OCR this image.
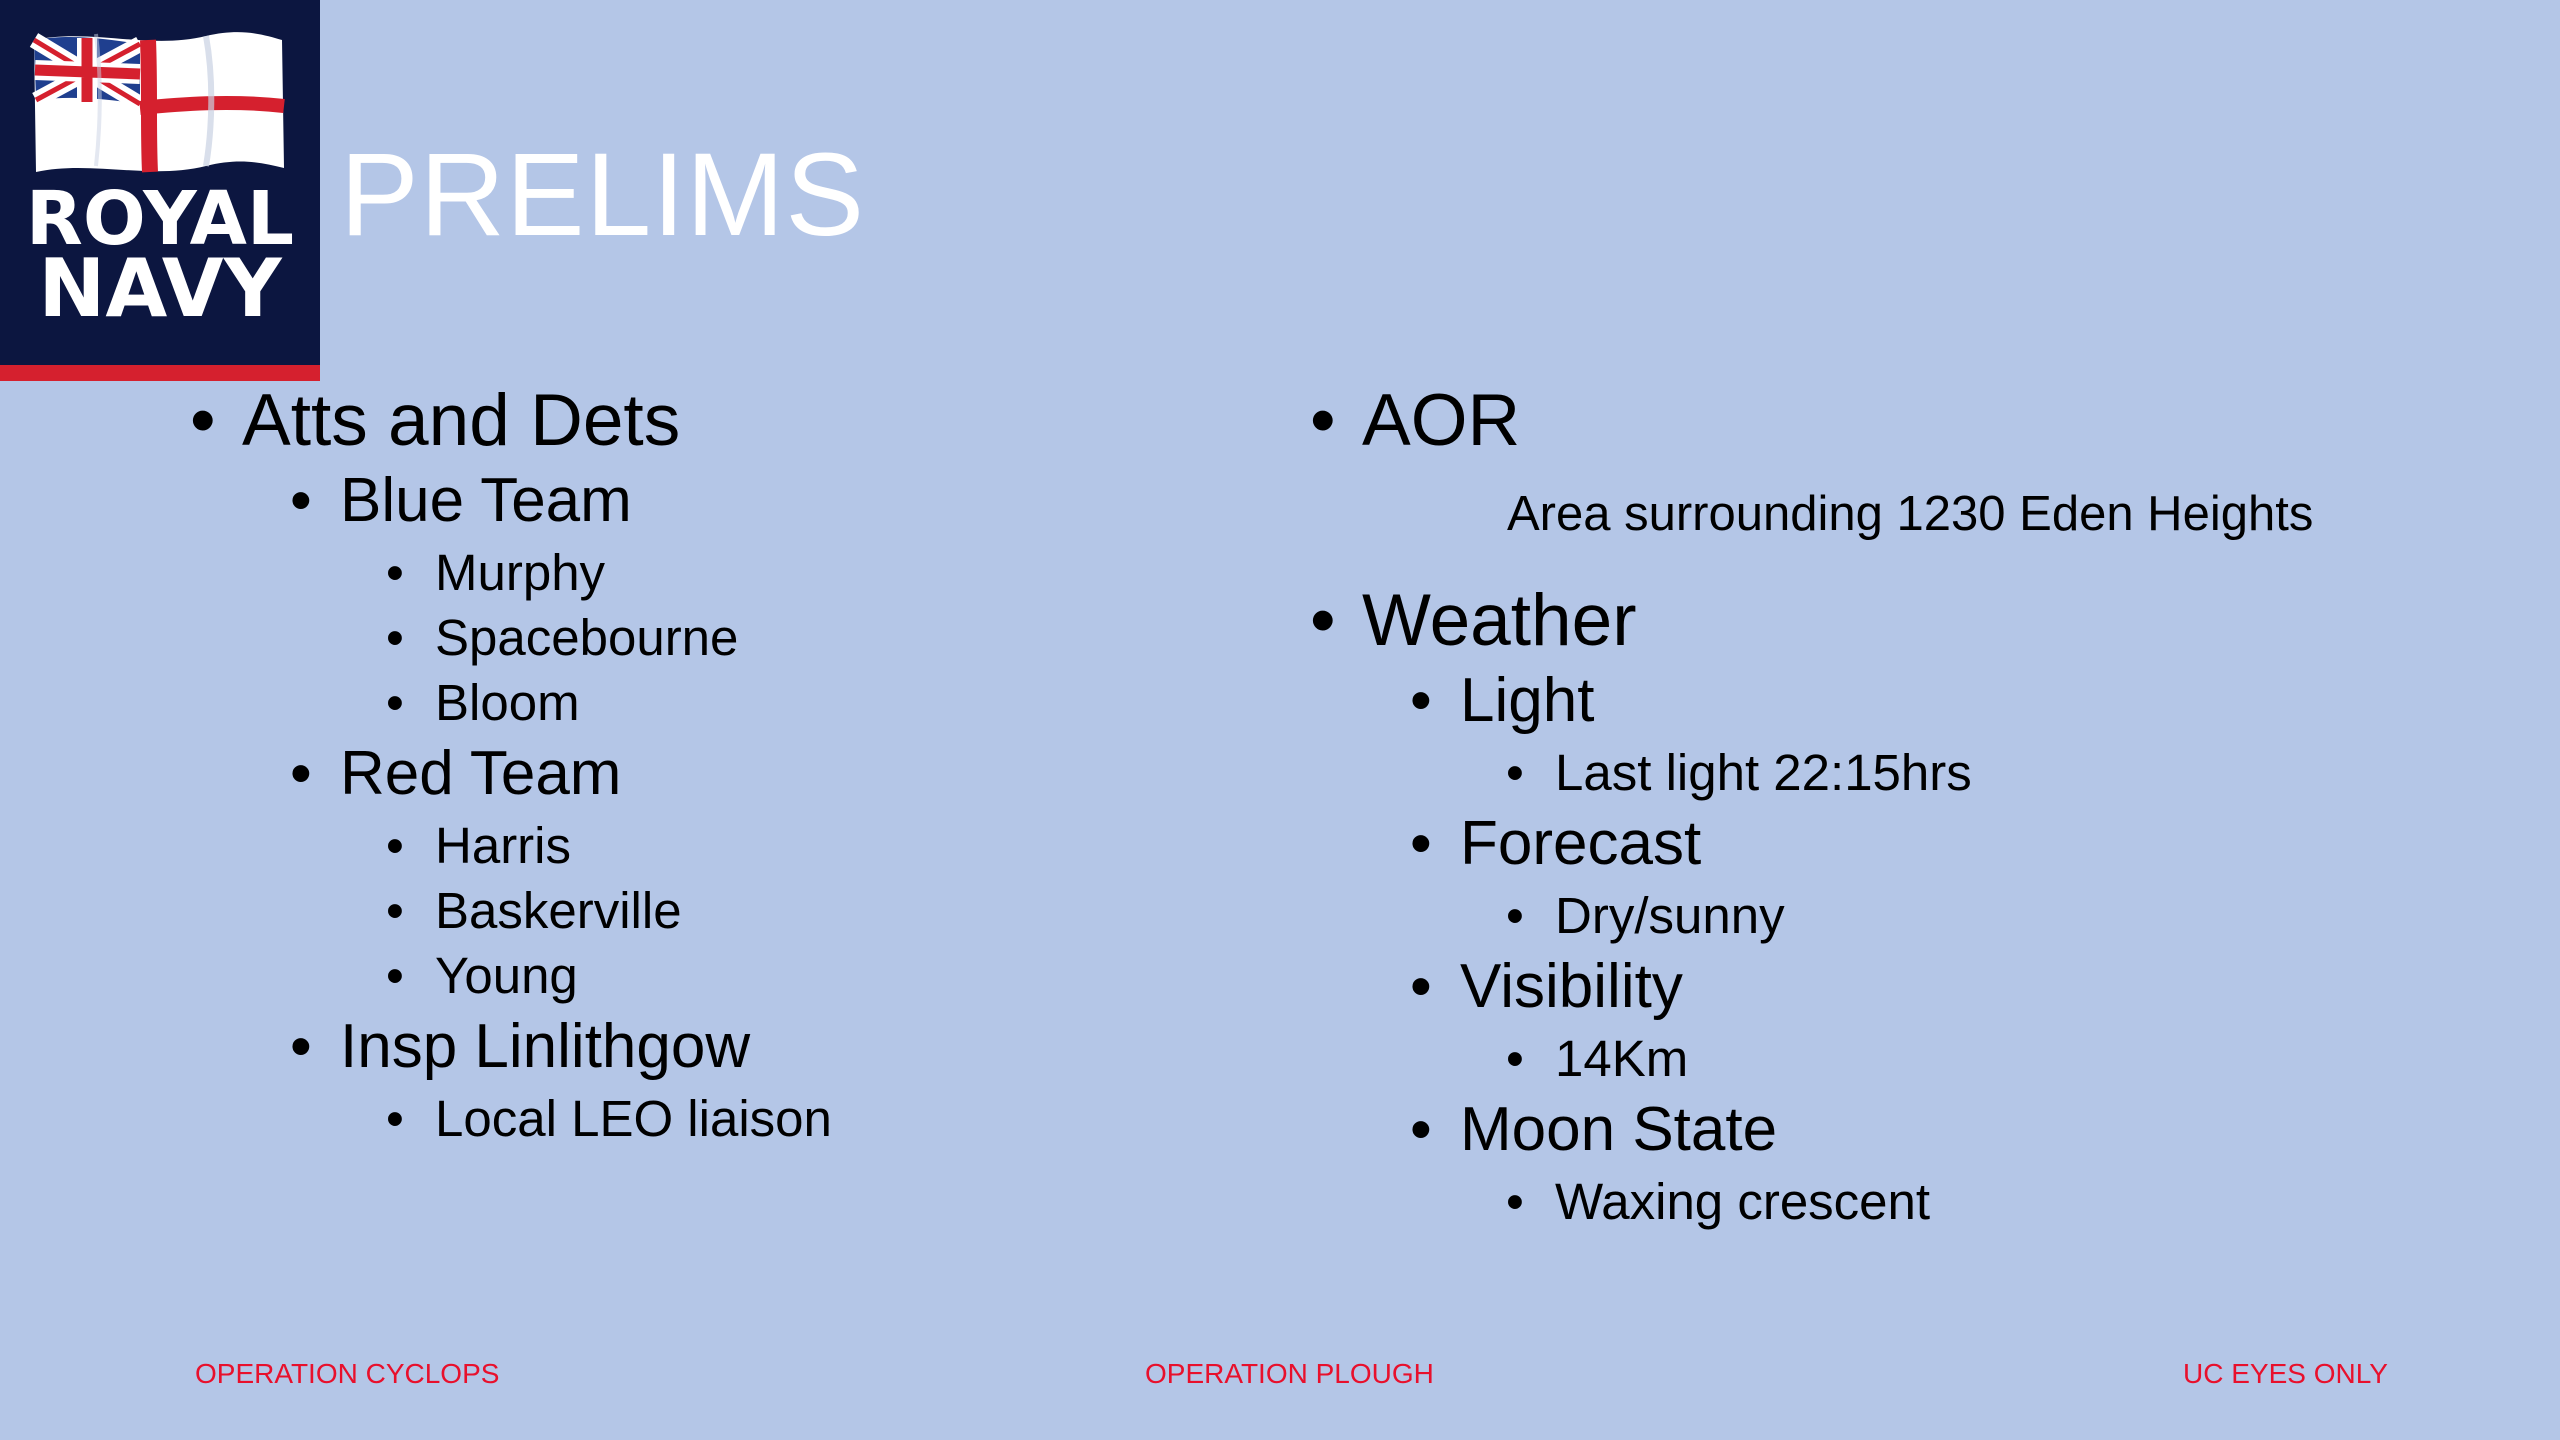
ROYAL
NAVY
PRELIMS
• Atts and Dets
• Blue Team
• Murphy
• Spacebourne
• Bloom
• Red Team
• Harris
• Baskerville
• Young
• Insp Linlithgow
• Local LEO liaison
• AOR
Area surrounding 1230 Eden Heights
• Weather
• Light
• Last light 22:15hrs
• Forecast
• Dry/sunny
• Visibility
• 14Km
• Moon State
• Waxing crescent

OPERATION CYCLOPS	OPERATION PLOUGH	UC EYES ONLY
